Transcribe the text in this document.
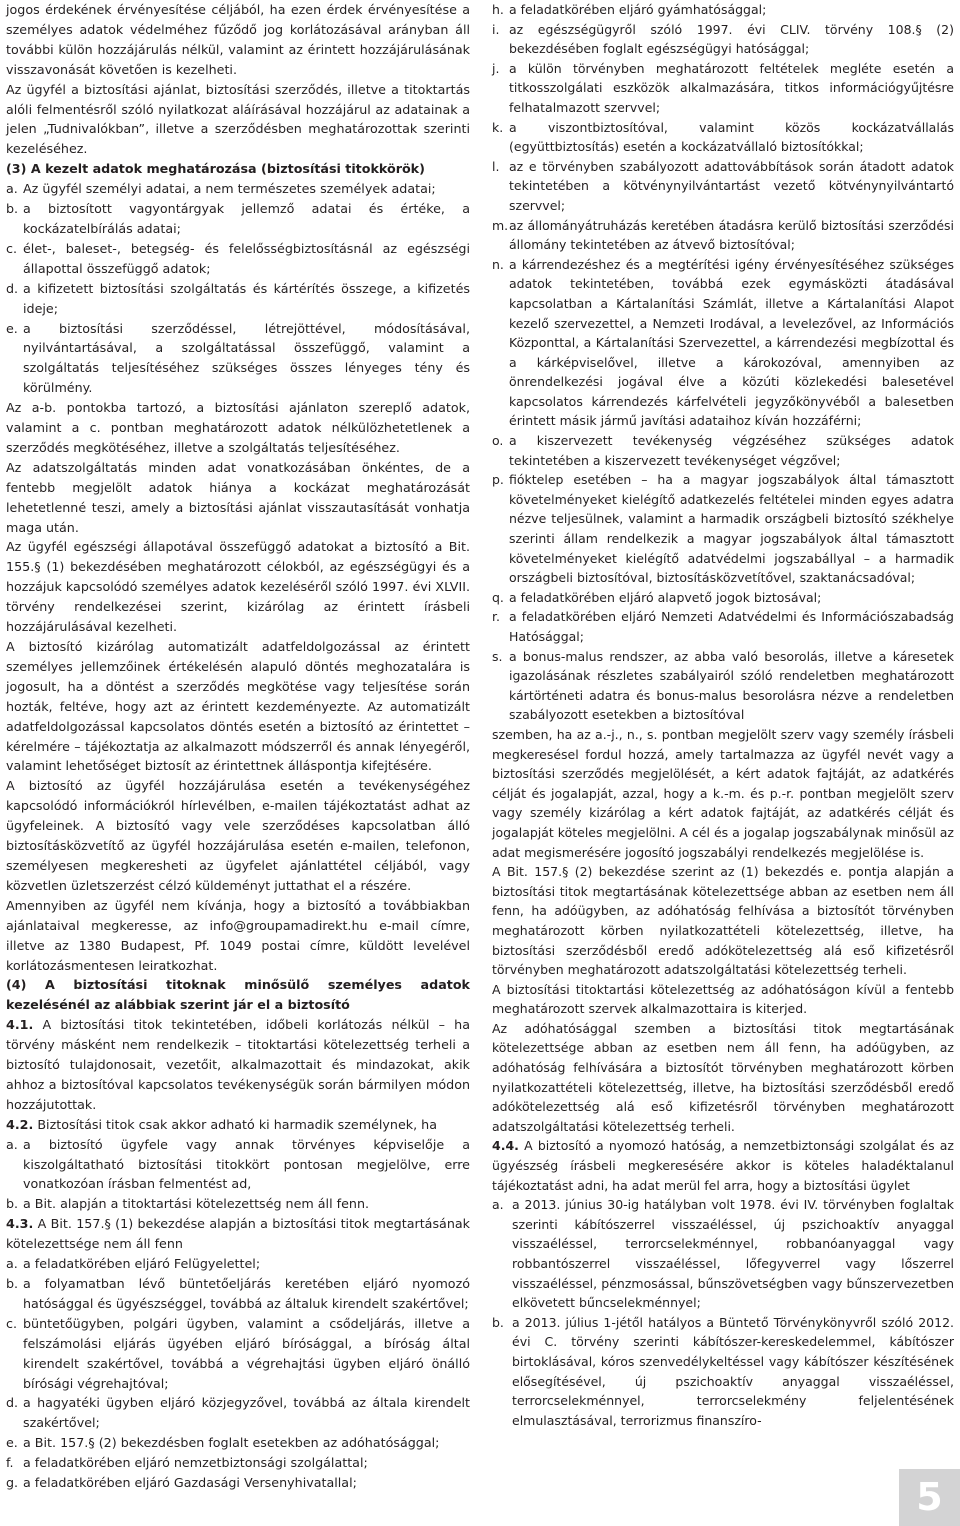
jogos érdekének érvényesítése céljából, ha ezen érdek érvényesítése a személyes adatok védelméhez fűződő jog korlátozásával arányban áll további külön hozzájárulás nélkül, valamint az érintett hozzájárulásának visszavonását követően is kezelheti.

Az ügyfél a biztosítási ajánlat, biztosítási szerződés, illetve a titoktartás alóli felmentésről szóló nyilatkozat aláírásával hozzájárul az adatainak a jelen „Tudnivalókban”, illetve a szerződésben meghatározottak szerinti kezeléséhez.

(3) A kezelt adatok meghatározása (biztosítási titokkörök)

a. Az ügyfél személyi adatai, a nem természetes személyek adatai;
b. a biztosított vagyontárgyak jellemző adatai és értéke, a kockázatelbírálás adatai;
c. élet-, baleset-, betegség- és felelősségbiztosításnál az egészségi állapottal összefüggő adatok;
d. a kifizetett biztosítási szolgáltatás és kártérítés összege, a kifizetés ideje;
e. a biztosítási szerződéssel, létrejöttével, módosításával, nyilvántartásával, a szolgáltatással összefüggő, valamint a szolgáltatás teljesítéséhez szükséges összes lényeges tény és körülmény.

Az a-b. pontokba tartozó, a biztosítási ajánlaton szereplő adatok, valamint a c. pontban meghatározott adatok nélkülözhetetlenek a szerződés megkötéséhez, illetve a szolgáltatás teljesítéséhez.

Az adatszolgáltatás minden adat vonatkozásában önkéntes, de a fentebb megjelölt adatok hiánya a kockázat meghatározását lehetetlenné teszi, amely a biztosítási ajánlat visszautasítását vonhatja maga után.

Az ügyfél egészségi állapotával összefüggő adatokat a biztosító a Bit. 155.§ (1) bekezdésében meghatározott célokból, az egészségügyi és a hozzájuk kapcsolódó személyes adatok kezeléséről szóló 1997. évi XLVII. törvény rendelkezései szerint, kizárólag az érintett írásbeli hozzájárulásával kezelheti.

A biztosító kizárólag automatizált adatfeldolgozással az érintett személyes jellemzőinek értékelésén alapuló döntés meghozatalára is jogosult, ha a döntést a szerződés megkötése vagy teljesítése során hozták, feltéve, hogy azt az érintett kezdeményezte. Az automatizált adatfeldolgozással kapcsolatos döntés esetén a biztosító az érintettet – kérelmére – tájékoztatja az alkalmazott módszerről és annak lényegéről, valamint lehetőséget biztosít az érintettnek álláspontja kifejtésére.

A biztosító az ügyfél hozzájárulása esetén a tevékenységéhez kapcsolódó információkról hírlevélben, e-mailen tájékoztatást adhat az ügyfeleinek. A biztosító vagy vele szerződéses kapcsolatban álló biztosításközvetítő az ügyfél hozzájárulása esetén e-mailen, telefonon, személyesen megkeresheti az ügyfelet ajánlattétel céljából, vagy közvetlen üzletszerzést célzó küldeményt juttathat el a részére.

Amennyiben az ügyfél nem kívánja, hogy a biztosító a továbbiakban ajánlataival megkeresse, az info@groupamadirekt.hu e-mail címre, illetve az 1380 Budapest, Pf. 1049 postai címre, küldött levelével korlátozásmentesen leiratkozhat.

(4) A biztosítási titoknak minősülő személyes adatok kezelésénél az alábbiak szerint jár el a biztosító

4.1. A biztosítási titok tekintetében, időbeli korlátozás nélkül – ha törvény másként nem rendelkezik – titoktartási kötelezettség terheli a biztosító tulajdonosait, vezetőit, alkalmazottait és mindazokat, akik ahhoz a biztosítóval kapcsolatos tevékenységük során bármilyen módon hozzájutottak.

4.2. Biztosítási titok csak akkor adható ki harmadik személynek, ha

a. a biztosító ügyfele vagy annak törvényes képviselője a kiszolgáltatható biztosítási titokkört pontosan megjelölve, erre vonatkozóan írásban felmentést ad,
b. a Bit. alapján a titoktartási kötelezettség nem áll fenn.

4.3. A Bit. 157.§ (1) bekezdése alapján a biztosítási titok megtartásának kötelezettsége nem áll fenn

a. a feladatkörében eljáró Felügyelettel;
b. a folyamatban lévő büntetőeljárás keretében eljáró nyomozó hatósággal és ügyészséggel, továbbá az általuk kirendelt szakértővel;
c. büntetőügyben, polgári ügyben, valamint a csődeljárás, illetve a felszámolási eljárás ügyében eljáró bírósággal, a bíróság által kirendelt szakértővel, továbbá a végrehajtási ügyben eljáró önálló bírósági végrehajtóval;
d. a hagyatéki ügyben eljáró közjegyzővel, továbbá az általa kirendelt szakértővel;
e. a Bit. 157.§ (2) bekezdésben foglalt esetekben az adóhatósággal;
f. a feladatkörében eljáró nemzetbiztonsági szolgálattal;
g. a feladatkörében eljáró Gazdasági Versenyhivatallal;
h. a feladatkörében eljáró gyámhatósággal;
i. az egészségügyről szóló 1997. évi CLIV. törvény 108.§ (2) bekezdésében foglalt egészségügyi hatósággal;
j. a külön törvényben meghatározott feltételek megléte esetén a titkosszolgálati eszközök alkalmazására, titkos információgyűjtésre felhatalmazott szervvel;
k. a viszontbiztosítóval, valamint közös kockázatvállalás (együttbiztosítás) esetén a kockázatvállaló biztosítókkal;
l. az e törvényben szabályozott adattovábbítások során átadott adatok tekintetében a kötvénynyilvántartást vezető kötvénynyilvántartó szervvel;
m. az állományátruházás keretében átadásra kerülő biztosítási szerződési állomány tekintetében az átvevő biztosítóval;
n. a kárrendezéshez és a megtérítési igény érvényesítéséhez szükséges adatok tekintetében, továbbá ezek egymásközti átadásával kapcsolatban a Kártalanítási Számlát, illetve a Kártalanítási Alapot kezelő szervezettel, a Nemzeti Irodával, a levelezővel, az Információs Központtal, a Kártalanítási Szervezettel, a kárrendezési megbízottal és a kárképviselővel, illetve a károkozóval, amennyiben az önrendelkezési jogával élve a közúti közlekedési balesetével kapcsolatos kárrendezés kárfelvételi jegyzőkönyvéből a balesetben érintett másik jármű javítási adataihoz kíván hozzáférni;
o. a kiszervezett tevékenység végzéséhez szükséges adatok tekintetében a kiszervezett tevékenységet végzővel;
p. fióktelep esetében – ha a magyar jogszabályok által támasztott követelményeket kielégítő adatkezelés feltételei minden egyes adatra nézve teljesülnek, valamint a harmadik országbeli biztosító székhelye szerinti állam rendelkezik a magyar jogszabályok által támasztott követelményeket kielégítő adatvédelmi jogszabállyal – a harmadik országbeli biztosítóval, biztosításközvetítővel, szaktanácsadóval;
q. a feladatkörében eljáró alapvető jogok biztosával;
r. a feladatkörében eljáró Nemzeti Adatvédelmi és Információszabadság Hatósággal;
s. a bonus-malus rendszer, az abba való besorolás, illetve a káresetek igazolásának részletes szabályairól szóló rendeletben meghatározott kártörténeti adatra és bonus-malus besorolásra nézve a rendeletben szabályozott esetekben a biztosítóval

szemben, ha az a.-j., n., s. pontban megjelölt szerv vagy személy írásbeli megkeresésel fordul hozzá, amely tartalmazza az ügyfél nevét vagy a biztosítási szerződés megjelölését, a kért adatok fajtáját, az adatkérés célját és jogalapját, azzal, hogy a k.-m. és p.-r. pontban megjelölt szerv vagy személy kizárólag a kért adatok fajtáját, az adatkérés célját és jogalapját köteles megjelölni. A cél és a jogalap jogszabálynak minősül az adat megismerésére jogosító jogszabályi rendelkezés megjelölése is.

A Bit. 157.§ (2) bekezdése szerint az (1) bekezdés e. pontja alapján a biztosítási titok megtartásának kötelezettsége abban az esetben nem áll fenn, ha adóügyben, az adóhatóság felhívása a biztosítót törvényben meghatározott körben nyilatkozattételi kötelezettség, illetve, ha biztosítási szerződésből eredő adókötelezettség alá eső kifizetésről törvényben meghatározott adatszolgáltatási kötelezettség terheli.

A biztosítási titoktartási kötelezettség az adóhatóságon kívül a fentebb meghatározott szervek alkalmazottaira is kiterjed.

Az adóhatósággal szemben a biztosítási titok megtartásának kötelezettsége abban az esetben nem áll fenn, ha adóügyben, az adóhatóság felhívására a biztosítót törvényben meghatározott körben nyilatkozattételi kötelezettség, illetve, ha biztosítási szerződésből eredő adókötelezettség alá eső kifizetésről törvényben meghatározott adatszolgáltatási kötelezettség terheli.

4.4. A biztosító a nyomozó hatóság, a nemzetbiztonsági szolgálat és az ügyészség írásbeli megkeresésére akkor is köteles haladéktalanul tájékoztatást adni, ha adat merül fel arra, hogy a biztosítási ügylet

a. a 2013. június 30-ig hatályban volt 1978. évi IV. törvényben foglaltak szerinti kábítószerrel visszaéléssel, új pszichoaktív anyaggal visszaéléssel, terrorcselekménnyel, robbanóanyaggal vagy robbantószerrel visszaéléssel, lőfegyverrel vagy lőszerrel visszaéléssel, pénzmosással, bűnszövetségben vagy bűnszervezetben elkövetett bűncselekménnyel;
b. a 2013. július 1-jétől hatályos a Büntető Törvénykönyvről szóló 2012. évi C. törvény szerinti kábítószer-kereskedelemmel, kábítószer birtoklásával, kóros szenvedélykeltéssel vagy kábítószer készítésének elősegítésével, új pszichoaktív anyaggal visszaéléssel, terrorcselekménnyel, terrorcselekmény feljelentésének elmulasztásával, terrorizmus finanszíro-
5
